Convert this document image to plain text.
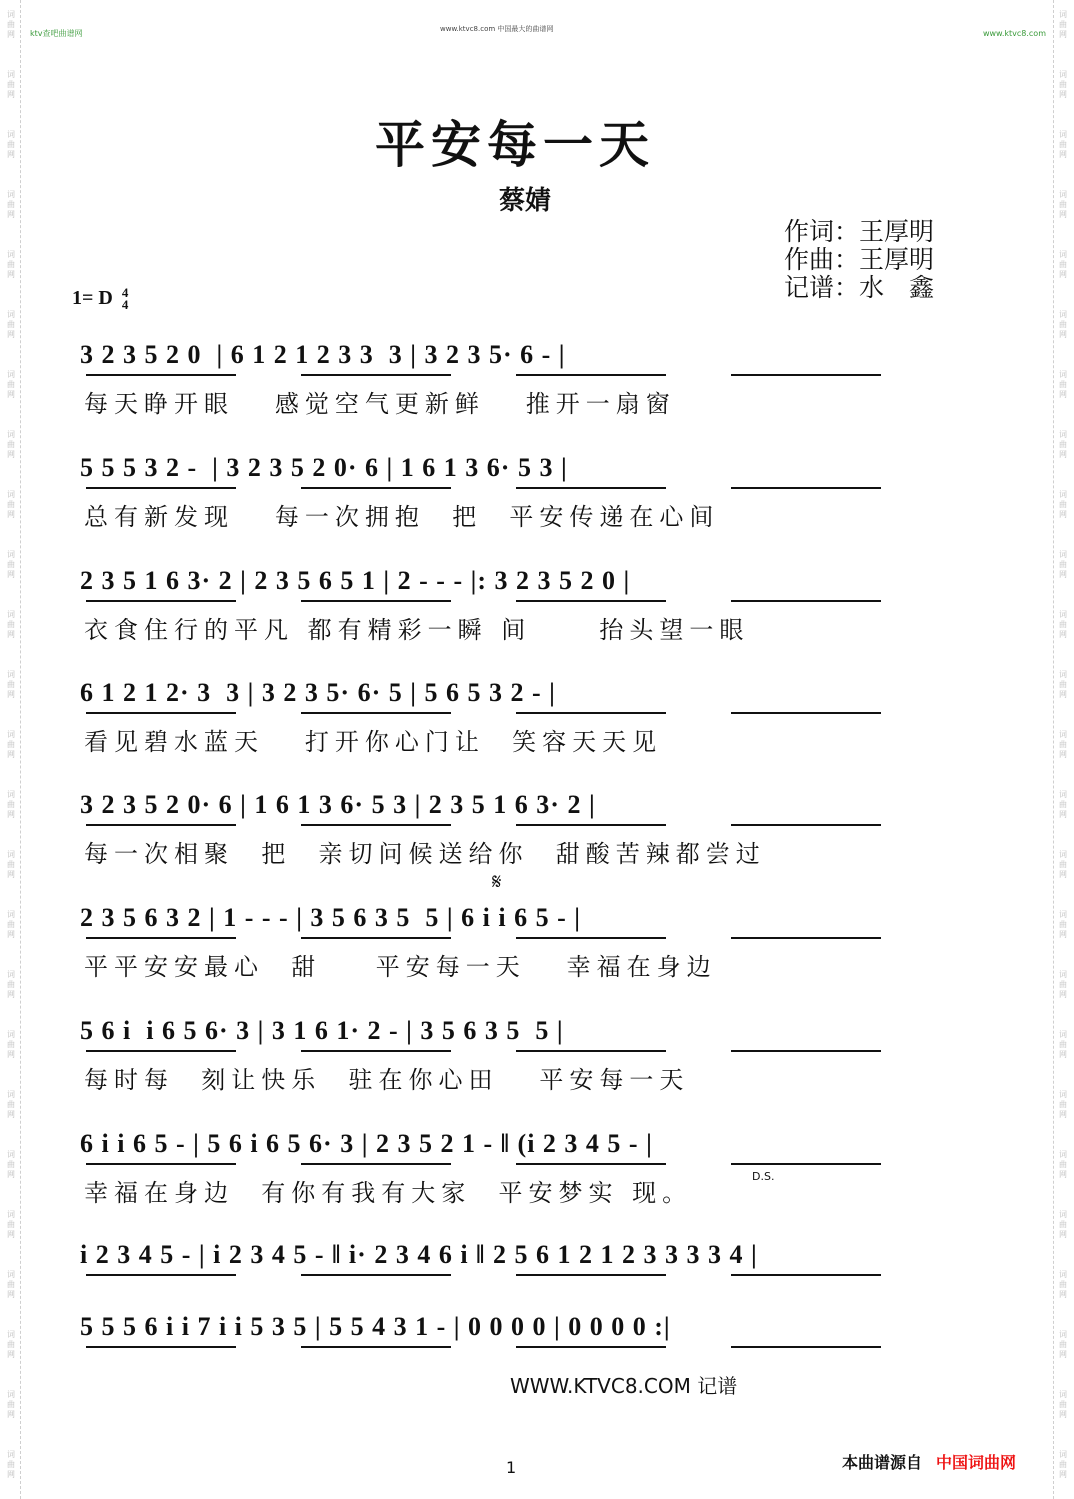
ktv查吧曲谱网	www.ktvc8.com 中国最大的曲谱网	www.ktvc8.com
平安每一天
蔡婧
作词：王厚明
作曲：王厚明
记谱：水　鑫
1= D 4
4
3 2 3 5 2 0  | 6 1 2 1 2 3 3  3 | 3 2 3 5· 6 - |
每天睁开眼   感觉空气更新鲜   推开一扇窗
5 5 5 3 2 -  | 3 2 3 5 2 0· 6 | 1 6 1 3 6· 5 3 |
总有新发现   每一次拥抱  把  平安传递在心间
2 3 5 1 6 3· 2 | 2 3 5 6 5 1 | 2 - - - |: 3 2 3 5 2 0 |
衣食住行的平凡 都有精彩一瞬 间     抬头望一眼
6 1 2 1 2· 3  3 | 3 2 3 5· 6· 5 | 5 6 5 3 2 - |
看见碧水蓝天   打开你心门让  笑容天天见
3 2 3 5 2 0· 6 | 1 6 1 3 6· 5 3 | 2 3 5 1 6 3· 2 |
每一次相聚  把  亲切问候送给你  甜酸苦辣都尝过
2 3 5 6 3 2 | 1 - - - | 3 5 6 3 5  5 | 6 i i 6 5 - |
平平安安最心  甜    平安每一天   幸福在身边
5 6 i  i 6 5 6· 3 | 3 1 6 1· 2 - | 3 5 6 3 5  5 |
每时每  刻让快乐  驻在你心田   平安每一天
6 i i 6 5 - | 5 6 i 6 5 6· 3 | 2 3 5 2 1 - ‖ (i 2 3 4 5 - |
幸福在身边  有你有我有大家  平安梦实 现。
i 2 3 4 5 - | i 2 3 4 5 - ‖ i· 2 3 4 6 i ‖ 2 5 6 1 2 1 2 3 3 3 3 4 |
5 5 5 6 i i 7 i i 5 3 5 | 5 5 4 3 1 - | 0 0 0 0 | 0 0 0 0 :|
𝄋
D.S.
WWW.KTVC8.COM 记谱
1	本曲谱源自 中国词曲网
词
曲
网
词
曲
网
词
曲
网
词
曲
网
词
曲
网
词
曲
网
词
曲
网
词
曲
网
词
曲
网
词
曲
网
词
曲
网
词
曲
网
词
曲
网
词
曲
网
词
曲
网
词
曲
网
词
曲
网
词
曲
网
词
曲
网
词
曲
网
词
曲
网
词
曲
网
词
曲
网
词
曲
网
词
曲
网
词
曲
网
词
曲
网
词
曲
网
词
曲
网
词
曲
网
词
曲
网
词
曲
网
词
曲
网
词
曲
网
词
曲
网
词
曲
网
词
曲
网
词
曲
网
词
曲
网
词
曲
网
词
曲
网
词
曲
网
词
曲
网
词
曲
网
词
曲
网
词
曲
网
词
曲
网
词
曲
网
词
曲
网
词
曲
网
